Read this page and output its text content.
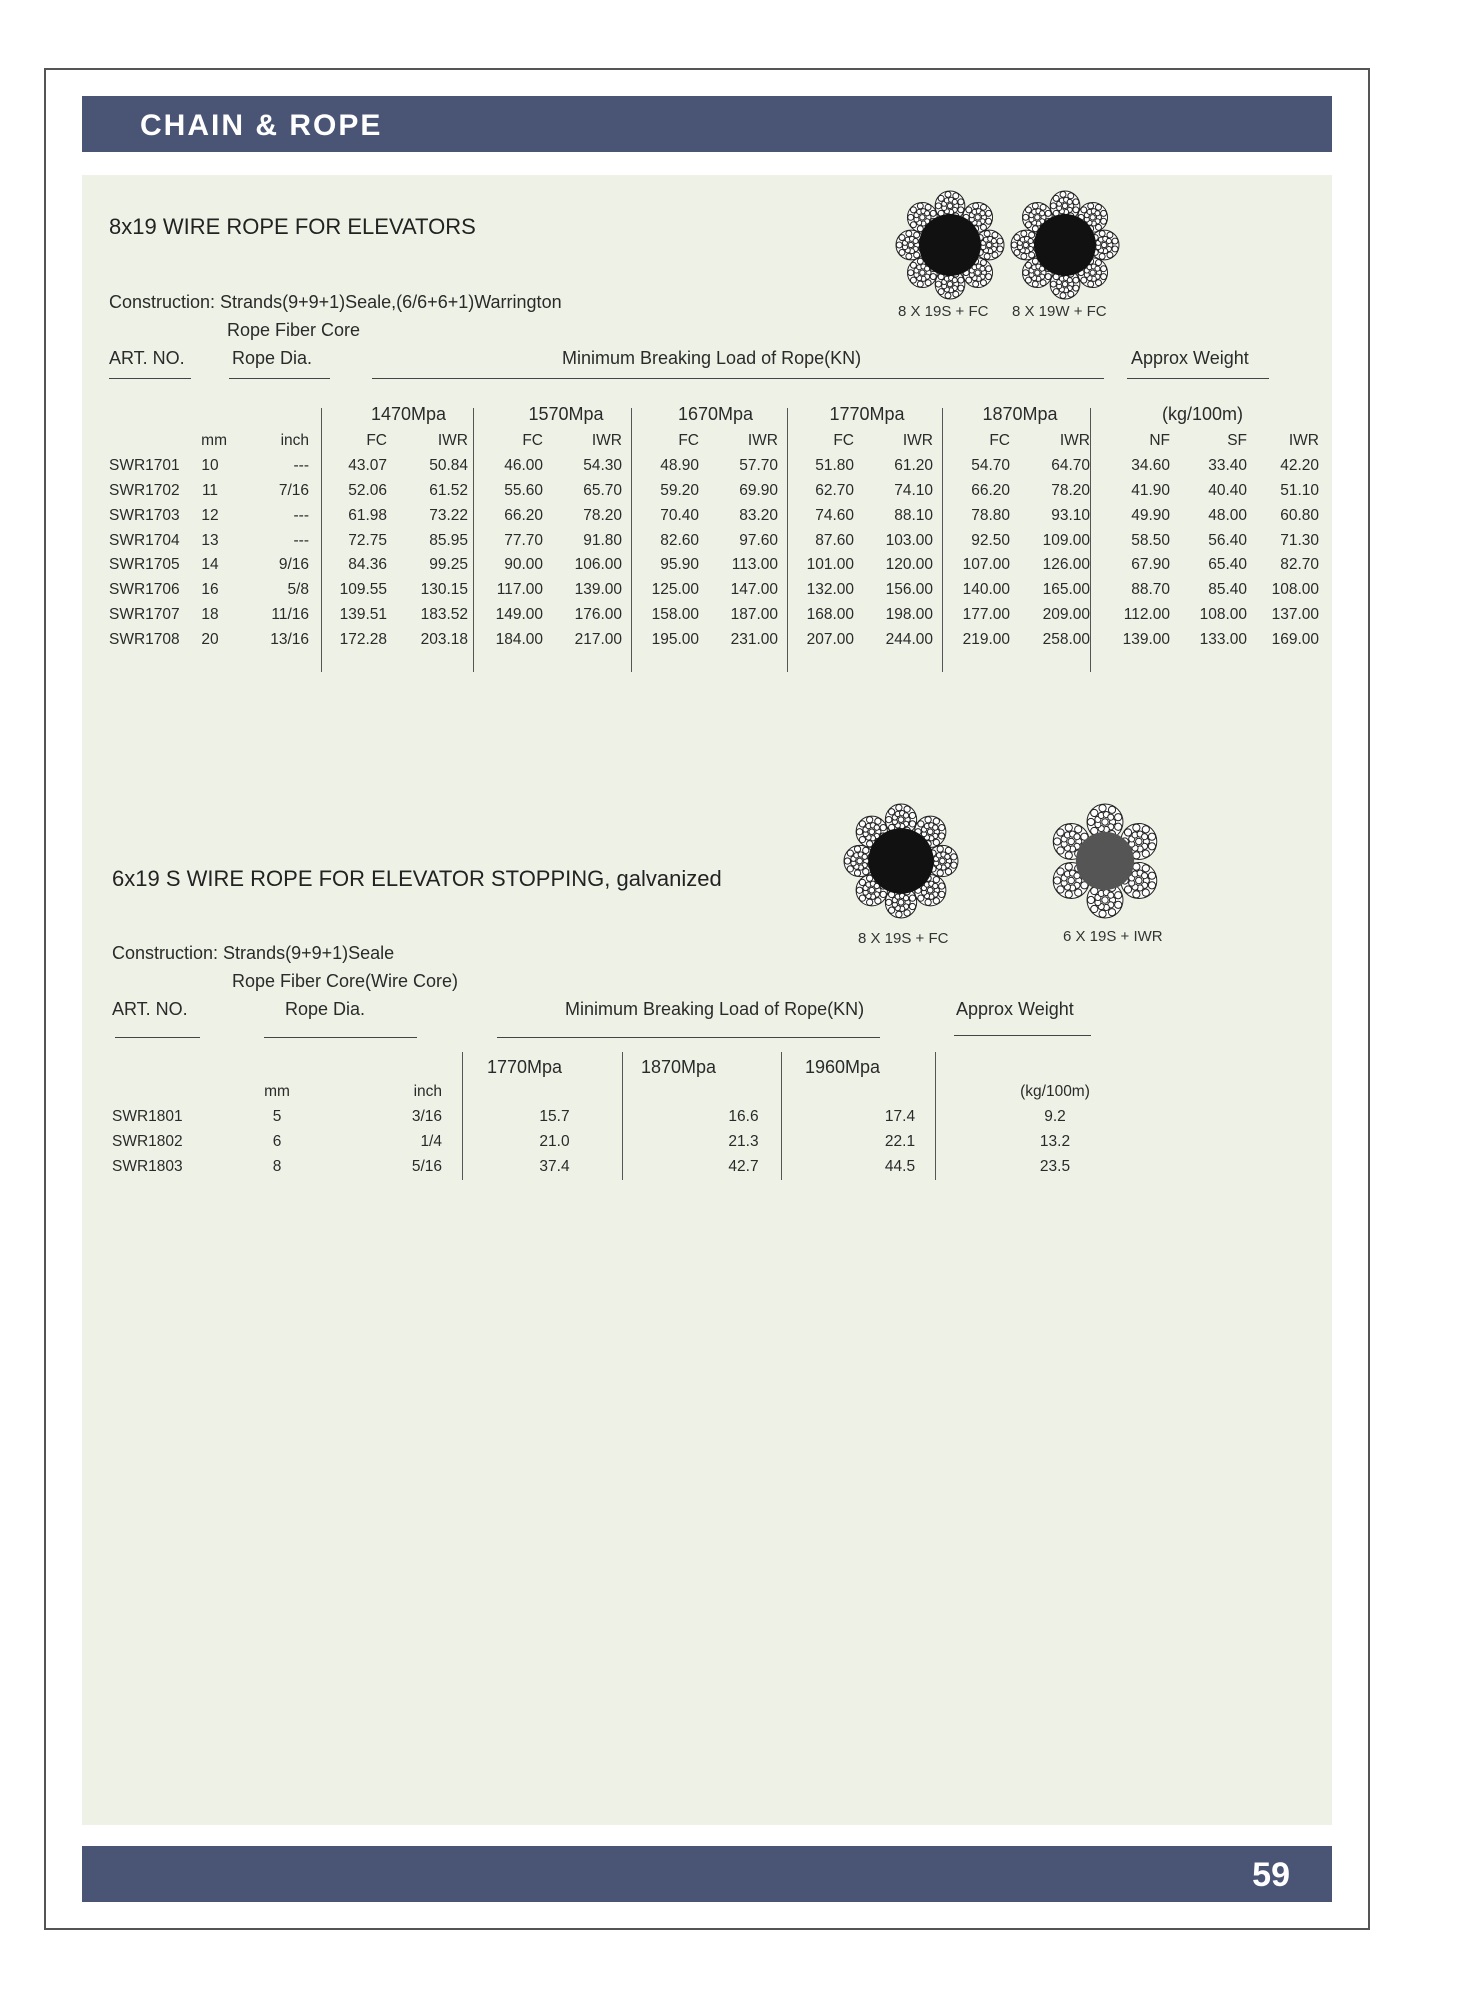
CHAIN & ROPE
8x19 WIRE ROPE FOR ELEVATORS
8 X 19S + FC 8 X 19W + FC
Construction: Strands(9+9+1)Seale,(6/6+6+1)Warrington
Rope Fiber Core
ART. NO.	Rope Dia.	Minimum Breaking Load of Rope(KN)	Approx Weight
1470Mpa	1570Mpa	1670Mpa	1770Mpa	1870Mpa	(kg/100m)
	mm	inch	FC	IWR	FC	IWR	FC	IWR	FC	IWR	FC	IWR	NF	SF	IWR
SWR1701	10	---	43.07	50.84	46.00	54.30	48.90	57.70	51.80	61.20	54.70	64.70	34.60	33.40	42.20
SWR1702	11	7/16	52.06	61.52	55.60	65.70	59.20	69.90	62.70	74.10	66.20	78.20	41.90	40.40	51.10
SWR1703	12	---	61.98	73.22	66.20	78.20	70.40	83.20	74.60	88.10	78.80	93.10	49.90	48.00	60.80
SWR1704	13	---	72.75	85.95	77.70	91.80	82.60	97.60	87.60	103.00	92.50	109.00	58.50	56.40	71.30
SWR1705	14	9/16	84.36	99.25	90.00	106.00	95.90	113.00	101.00	120.00	107.00	126.00	67.90	65.40	82.70
SWR1706	16	5/8	109.55	130.15	117.00	139.00	125.00	147.00	132.00	156.00	140.00	165.00	88.70	85.40	108.00
SWR1707	18	11/16	139.51	183.52	149.00	176.00	158.00	187.00	168.00	198.00	177.00	209.00	112.00	108.00	137.00
SWR1708	20	13/16	172.28	203.18	184.00	217.00	195.00	231.00	207.00	244.00	219.00	258.00	139.00	133.00	169.00
8 X 19S + FC	6 X 19S + IWR
6x19 S WIRE ROPE FOR ELEVATOR STOPPING, galvanized
Construction: Strands(9+9+1)Seale
Rope Fiber Core(Wire Core)
ART. NO.	Rope Dia.	Minimum Breaking Load of Rope(KN)	Approx Weight
1770Mpa	1870Mpa	1960Mpa
	mm	inch				(kg/100m)
SWR1801	5	3/16	15.7	16.6	17.4	9.2
SWR1802	6	1/4	21.0	21.3	22.1	13.2
SWR1803	8	5/16	37.4	42.7	44.5	23.5
59
